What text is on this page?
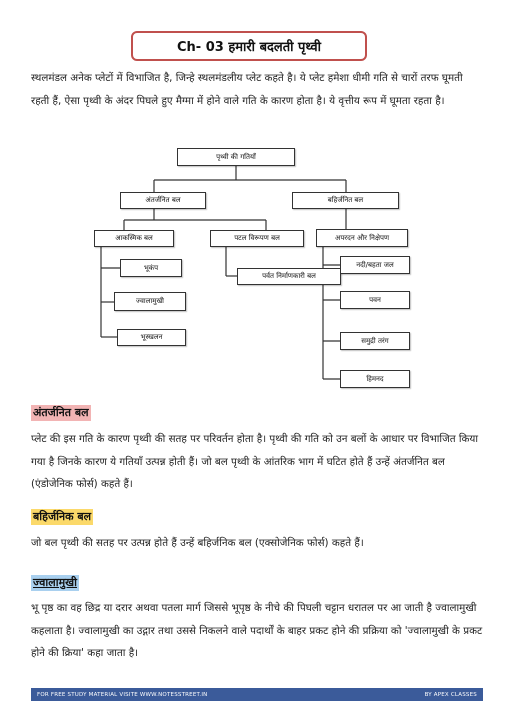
Ch- 03 हमारी बदलती पृथ्वी

स्थलमंडल अनेक प्लेटों में विभाजित है, जिन्हे स्थलमंडलीय प्लेट कहते है। ये प्लेट हमेशा धीमी गति से चारों तरफ घूमती रहती हैं, ऐसा पृथ्वी के अंदर पिघले हुए मैग्मा में होने वाले गति के कारण होता है। ये वृत्तीय रूप में घूमता रहता है।

पृथ्वी की गतियाँ
अंतर्जनित बल	बहिर्जनित बल
आकस्मिक बल	पटल विरूपण बल	अपरदन और निक्षेपण
भूकंप
ज्वालामुखी
भूस्खलन
पर्वत निर्माणकारी बल
नदी/बहता जल
पवन
समुद्री तरंग
हिमनद
अंतर्जनित बल

प्लेट की इस गति के कारण पृथ्वी की सतह पर परिवर्तन होता है। पृथ्वी की गति को उन बलों के आधार पर विभाजित किया गया है जिनके कारण ये गतियाँ उत्पन्न होती हैं। जो बल पृथ्वी के आंतरिक भाग में घटित होते हैं उन्हें अंतर्जनित बल (एंडोजेनिक फोर्स) कहते हैं।

बहिर्जनिक बल

जो बल पृथ्वी की सतह पर उत्पन्न होते हैं उन्हें बहिर्जनिक बल (एक्सोजेनिक फोर्स) कहते हैं।

ज्वालामुखी

भू पृष्ठ का वह छिद्र या दरार अथवा पतला मार्ग जिससे भूपृष्ठ के नीचे की पिघली चट्टान धरातल पर आ जाती है ज्वालामुखी कहलाता है। ज्वालामुखी का उद्गार तथा उससे निकलने वाले पदार्थों के बाहर प्रकट होने की प्रक्रिया को 'ज्वालामुखी के प्रकट होने की क्रिया' कहा जाता है।

FOR FREE STUDY MATERIAL VISITE WWW.NOTESSTREET.IN	BY APEX CLASSES
